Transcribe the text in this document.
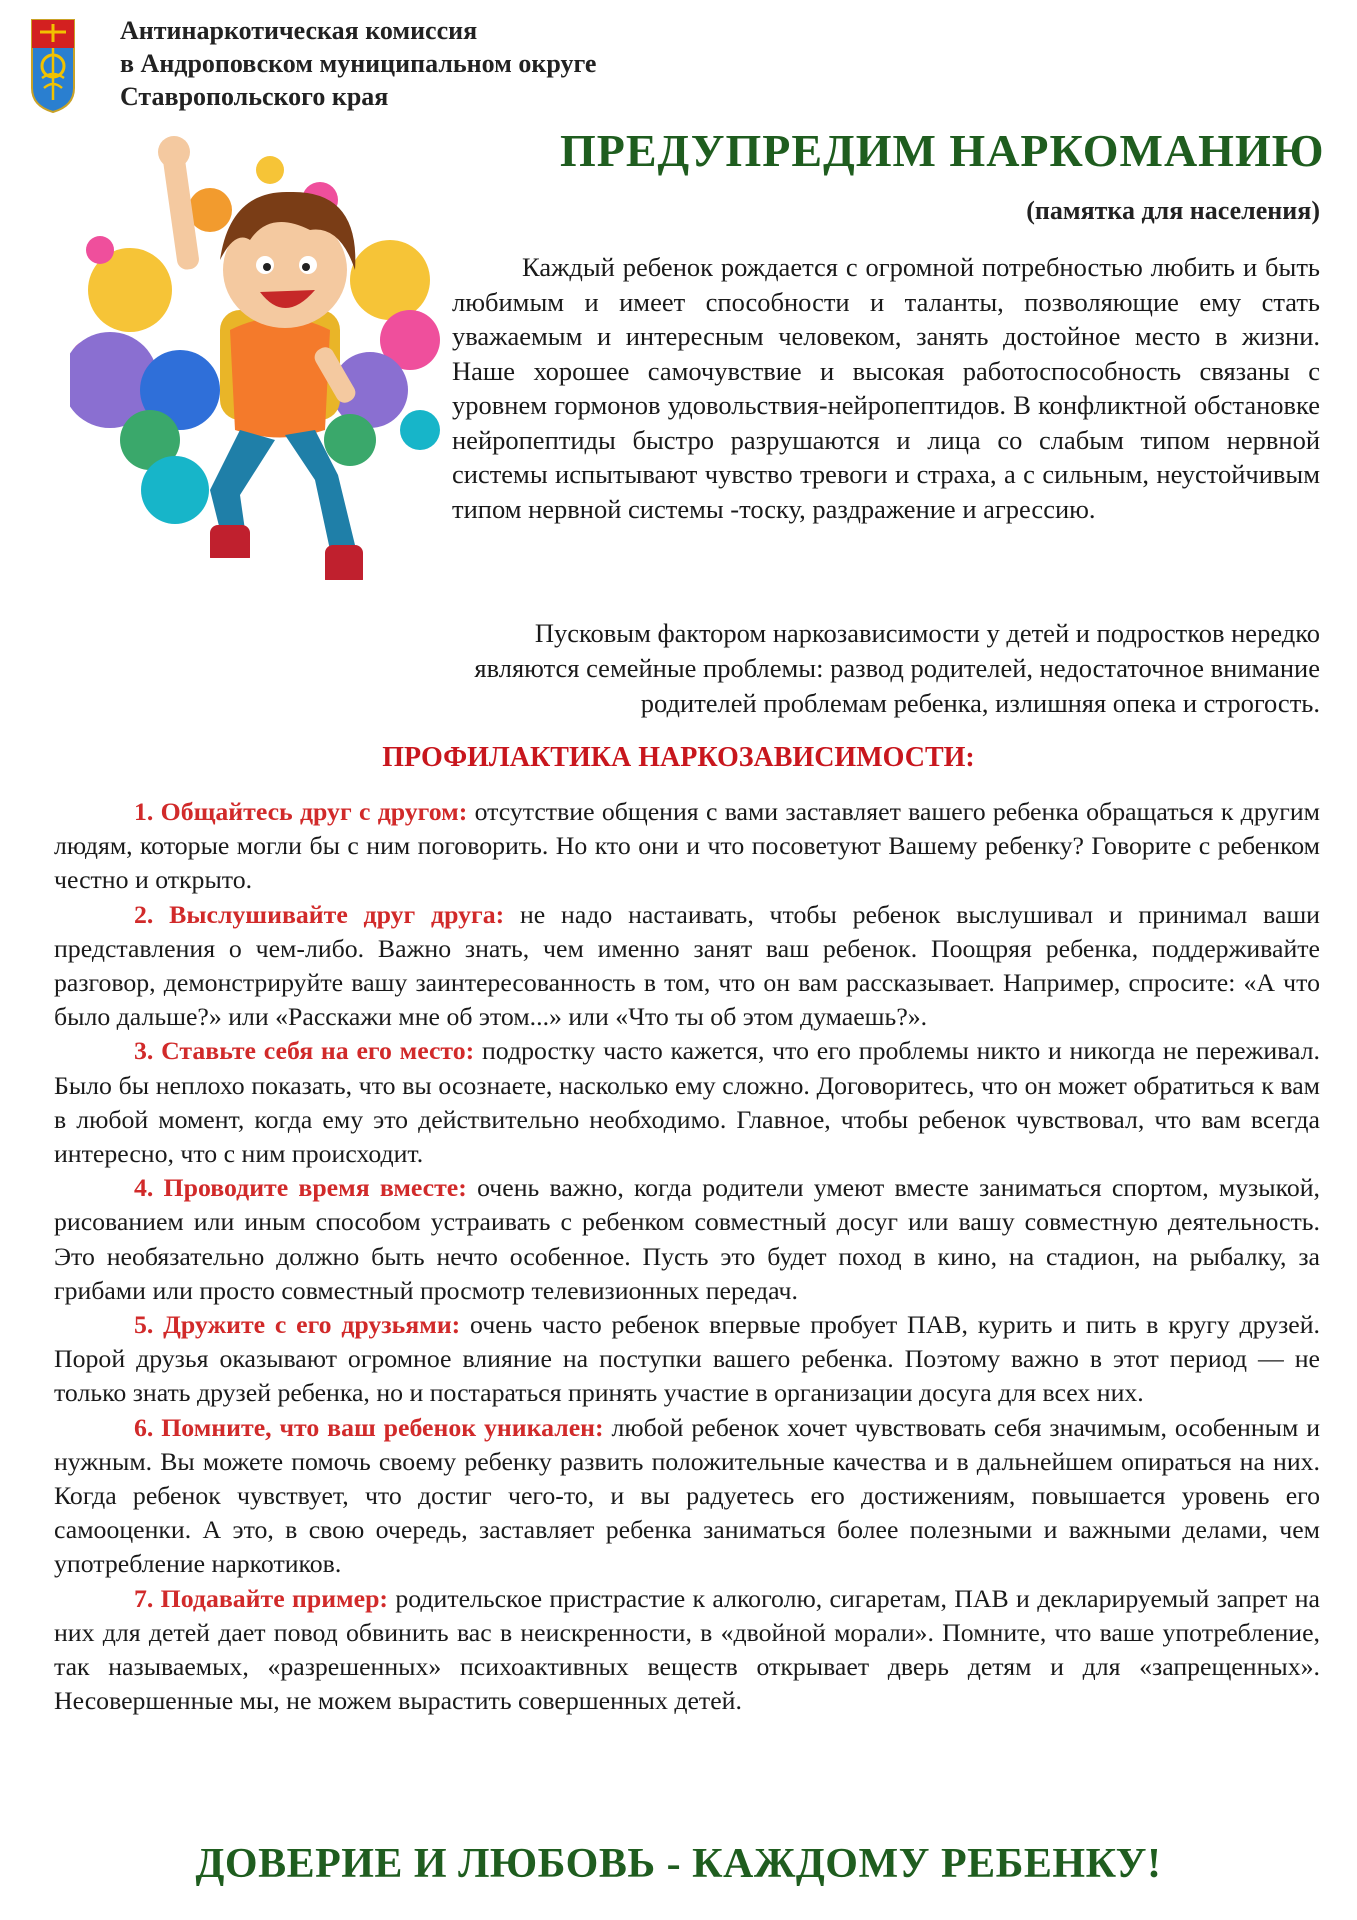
Антинаркотическая комиссия
в Андроповском муниципальном округе
Ставропольского края
ПРЕДУПРЕДИМ НАРКОМАНИЮ
(памятка для населения)
Каждый ребенок рождается с огромной потребностью любить и быть любимым и имеет способности и таланты, позволяющие ему стать уважаемым и интересным человеком, занять достойное место в жизни. Наше хорошее самочувствие и высокая работоспособность связаны с уровнем гормонов удовольствия-нейропептидов. В конфликтной обстановке нейропептиды быстро разрушаются и лица со слабым типом нервной системы испытывают чувство тревоги и страха, а с сильным, неустойчивым типом нервной системы -тоску, раздражение и агрессию.
Пусковым фактором наркозависимости у детей и подростков нередко
являются семейные проблемы: развод родителей, недостаточное внимание
родителей проблемам ребенка, излишняя опека и строгость.
ПРОФИЛАКТИКА НАРКОЗАВИСИМОСТИ:

1. Общайтесь друг с другом: отсутствие общения с вами заставляет вашего ребенка обращаться к другим людям, которые могли бы с ним поговорить. Но кто они и что посоветуют Вашему ребенку? Говорите с ребенком честно и открыто.

2. Выслушивайте друг друга: не надо настаивать, чтобы ребенок выслушивал и принимал ваши представления о чем-либо. Важно знать, чем именно занят ваш ребенок. Поощряя ребенка, поддерживайте разговор, демонстрируйте вашу заинтересованность в том, что он вам рассказывает. Например, спросите: «А что было дальше?» или «Расскажи мне об этом...» или «Что ты об этом думаешь?».

3. Ставьте себя на его место: подростку часто кажется, что его проблемы никто и никогда не переживал. Было бы неплохо показать, что вы осознаете, насколько ему сложно. Договоритесь, что он может обратиться к вам в любой момент, когда ему это действительно необходимо. Главное, чтобы ребенок чувствовал, что вам всегда интересно, что с ним происходит.

4. Проводите время вместе: очень важно, когда родители умеют вместе заниматься спортом, музыкой, рисованием или иным способом устраивать с ребенком совместный досуг или вашу совместную деятельность. Это необязательно должно быть нечто особенное. Пусть это будет поход в кино, на стадион, на рыбалку, за грибами или просто совместный просмотр телевизионных передач.

5. Дружите с его друзьями: очень часто ребенок впервые пробует ПАВ, курить и пить в кругу друзей. Порой друзья оказывают огромное влияние на поступки вашего ребенка. Поэтому важно в этот период — не только знать друзей ребенка, но и постараться принять участие в организации досуга для всех них.

6. Помните, что ваш ребенок уникален: любой ребенок хочет чувствовать себя значимым, особенным и нужным. Вы можете помочь своему ребенку развить положительные качества и в дальнейшем опираться на них. Когда ребенок чувствует, что достиг чего-то, и вы радуетесь его достижениям, повышается уровень его самооценки. А это, в свою очередь, заставляет ребенка заниматься более полезными и важными делами, чем употребление наркотиков.

7. Подавайте пример: родительское пристрастие к алкоголю, сигаретам, ПАВ и декларируемый запрет на них для детей дает повод обвинить вас в неискренности, в «двойной морали». Помните, что ваше употребление, так называемых, «разрешенных» психоактивных веществ открывает дверь детям и для «запрещенных». Несовершенные мы, не можем вырастить совершенных детей.

ДОВЕРИЕ И ЛЮБОВЬ - КАЖДОМУ РЕБЕНКУ!
